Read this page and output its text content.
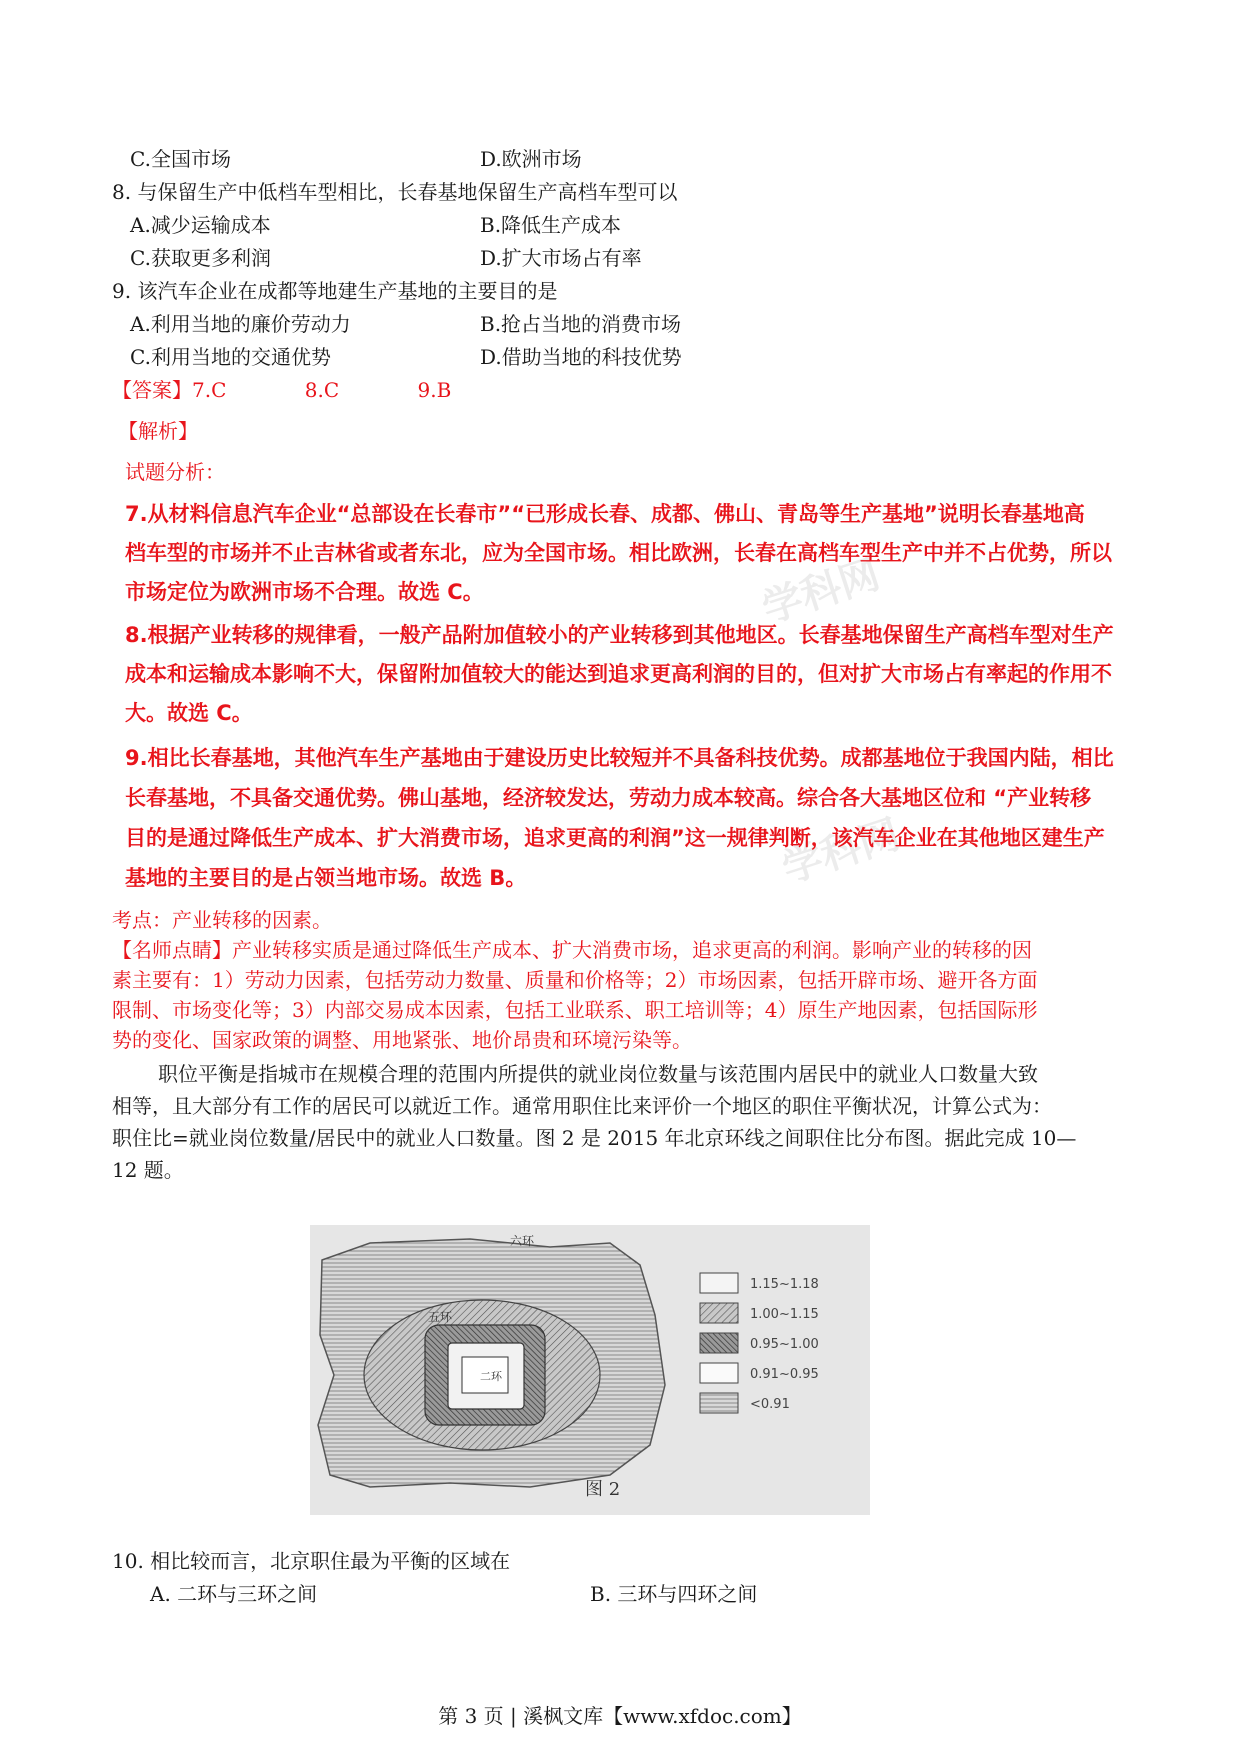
学科网
学科网
C.全国市场	D.欧洲市场
8. 与保留生产中低档车型相比，长春基地保留生产高档车型可以
A.减少运输成本	B.降低生产成本
C.获取更多利润	D.扩大市场占有率
9. 该汽车企业在成都等地建生产基地的主要目的是
A.利用当地的廉价劳动力	B.抢占当地的消费市场
C.利用当地的交通优势	D.借助当地的科技优势
【答案】7.C	8.C	9.B
【解析】
试题分析：
7.从材料信息汽车企业“总部设在长春市”“已形成长春、成都、佛山、青岛等生产基地”说明长春基地高
档车型的市场并不止吉林省或者东北，应为全国市场。相比欧洲，长春在高档车型生产中并不占优势，所以
市场定位为欧洲市场不合理。故选 C。
8.根据产业转移的规律看，一般产品附加值较小的产业转移到其他地区。长春基地保留生产高档车型对生产
成本和运输成本影响不大，保留附加值较大的能达到追求更高利润的目的，但对扩大市场占有率起的作用不
大。故选 C。
9.相比长春基地，其他汽车生产基地由于建设历史比较短并不具备科技优势。成都基地位于我国内陆，相比
长春基地，不具备交通优势。佛山基地，经济较发达，劳动力成本较高。综合各大基地区位和 “产业转移
目的是通过降低生产成本、扩大消费市场，追求更高的利润”这一规律判断，该汽车企业在其他地区建生产
基地的主要目的是占领当地市场。故选 B。
考点：产业转移的因素。
【名师点睛】产业转移实质是通过降低生产成本、扩大消费市场，追求更高的利润。影响产业的转移的因
素主要有：1）劳动力因素，包括劳动力数量、质量和价格等；2）市场因素，包括开辟市场、避开各方面
限制、市场变化等；3）内部交易成本因素，包括工业联系、职工培训等；4）原生产地因素，包括国际形
势的变化、国家政策的调整、用地紧张、地价昂贵和环境污染等。
职位平衡是指城市在规模合理的范围内所提供的就业岗位数量与该范围内居民中的就业人口数量大致
相等，且大部分有工作的居民可以就近工作。通常用职住比来评价一个地区的职住平衡状况，计算公式为：
职住比=就业岗位数量/居民中的就业人口数量。图 2 是 2015 年北京环线之间职住比分布图。据此完成 10—
12 题。
六环
五环
二环
1.15~1.18
1.00~1.15
0.95~1.00
0.91~0.95
<0.91
图 2
10. 相比较而言，北京职住最为平衡的区域在
A. 二环与三环之间	B. 三环与四环之间
第 3 页 | 溪枫文库【www.xfdoc.com】
